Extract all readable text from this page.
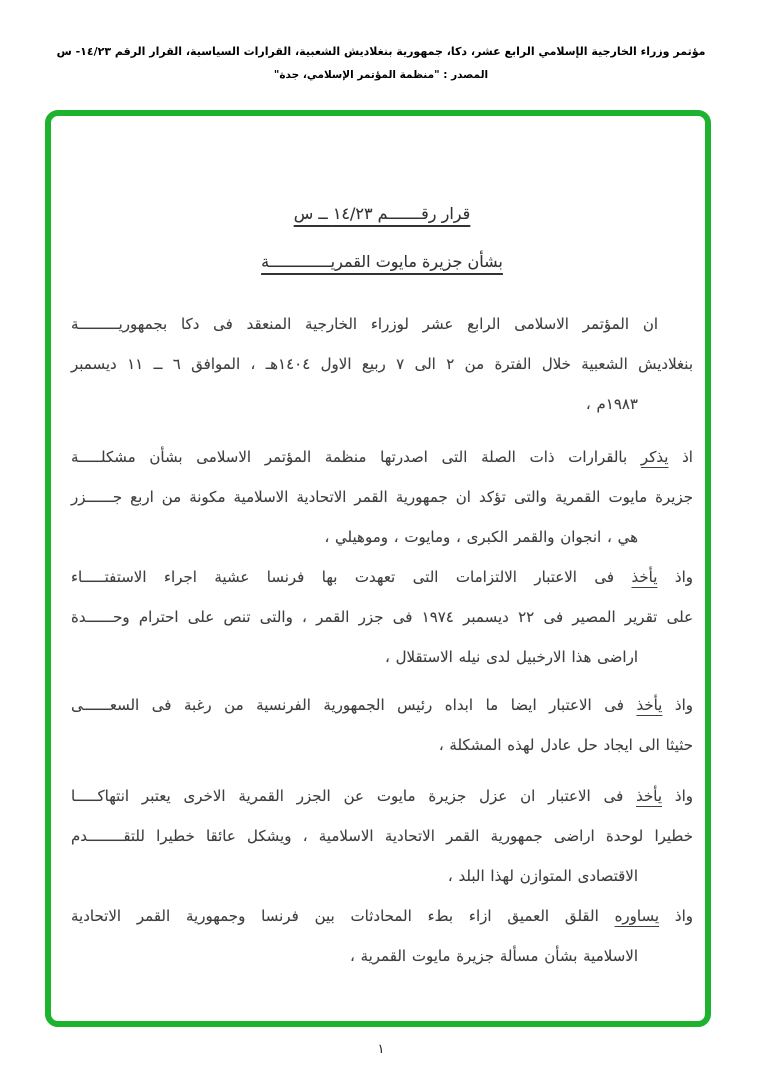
مؤتمر وزراء الخارجية الإسلامي الرابع عشر، دكا، جمهورية بنغلاديش الشعبية، القرارات السياسية، القرار الرقم ١٤/٢٣- س
المصدر : "منظمة المؤتمر الإسلامي، جدة"
قرار رقـــــــم ١٤/٢٣ ــ س
بشأن جزيرة مايوت القمريـــــــــــــة
ان المؤتمر الاسلامى الرابع عشر لوزراء الخارجية المنعقد فى دكا بجمهوريـــــــــة
بنغلاديش الشعبية خلال الفترة من ٢ الى ٧ ربيع الاول ١٤٠٤هـ ، الموافق ٦ ــ ١١ ديسمبر
١٩٨٣م ،
اذ يذكر بالقرارات ذات الصلة التى اصدرتها منظمة المؤتمر الاسلامى بشأن مشكلـــــة
جزيرة مايوت القمرية والتى تؤكد ان جمهورية القمر الاتحادية الاسلامية مكونة من اربع جــــــزر
هي ، انجوان والقمر الكبرى ، ومايوت ، وموهيلي ،
واذ يأخذ فى الاعتبار الالتزامات التى تعهدت بها فرنسا عشية اجراء الاستفتـــــاء
على تقرير المصير فى ٢٢ ديسمبر ١٩٧٤ فى جزر القمر ، والتى تنص على احترام وحــــــدة
اراضى هذا الارخبيل لدى نيله الاستقلال ،
واذ يأخذ فى الاعتبار ايضا ما ابداه رئيس الجمهورية الفرنسية من رغبة فى السعــــــى
حثيثا الى ايجاد حل عادل لهذه المشكلة ،
واذ يأخذ فى الاعتبار ان عزل جزيرة مايوت عن الجزر القمرية الاخرى يعتبر انتهاكـــــا
خطيرا لوحدة اراضى جمهورية القمر الاتحادية الاسلامية ، ويشكل عائقا خطيرا للتقــــــــدم
الاقتصادى المتوازن لهذا البلد ،
واذ يساوره القلق العميق ازاء بطء المحادثات بين فرنسا وجمهورية القمر الاتحادية
الاسلامية بشأن مسألة جزيرة مايوت القمرية ،
١
